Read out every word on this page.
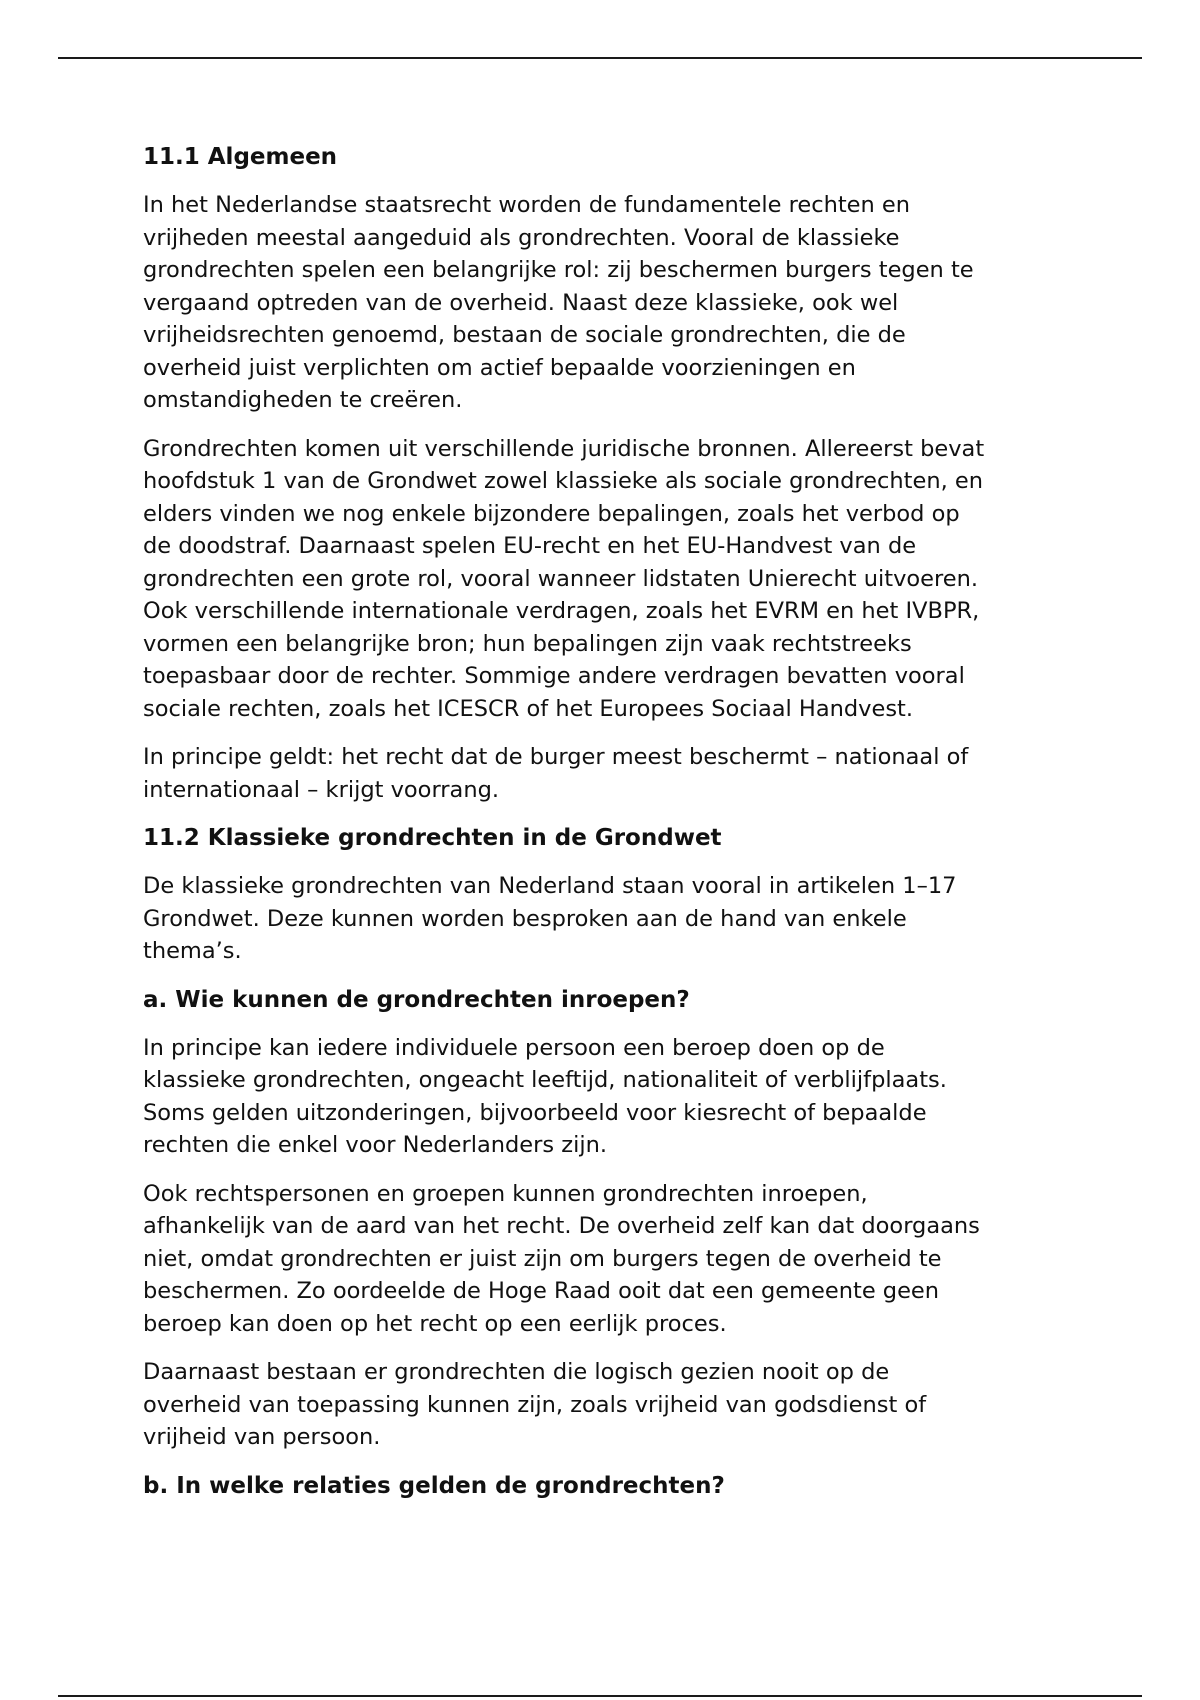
11.1 Algemeen
In het Nederlandse staatsrecht worden de fundamentele rechten en
vrijheden meestal aangeduid als grondrechten. Vooral de klassieke
grondrechten spelen een belangrijke rol: zij beschermen burgers tegen te
vergaand optreden van de overheid. Naast deze klassieke, ook wel
vrijheidsrechten genoemd, bestaan de sociale grondrechten, die de
overheid juist verplichten om actief bepaalde voorzieningen en
omstandigheden te creëren.
Grondrechten komen uit verschillende juridische bronnen. Allereerst bevat
hoofdstuk 1 van de Grondwet zowel klassieke als sociale grondrechten, en
elders vinden we nog enkele bijzondere bepalingen, zoals het verbod op
de doodstraf. Daarnaast spelen EU-recht en het EU-Handvest van de
grondrechten een grote rol, vooral wanneer lidstaten Unierecht uitvoeren.
Ook verschillende internationale verdragen, zoals het EVRM en het IVBPR,
vormen een belangrijke bron; hun bepalingen zijn vaak rechtstreeks
toepasbaar door de rechter. Sommige andere verdragen bevatten vooral
sociale rechten, zoals het ICESCR of het Europees Sociaal Handvest.
In principe geldt: het recht dat de burger meest beschermt – nationaal of
internationaal – krijgt voorrang.
11.2 Klassieke grondrechten in de Grondwet
De klassieke grondrechten van Nederland staan vooral in artikelen 1–17
Grondwet. Deze kunnen worden besproken aan de hand van enkele
thema’s.
a. Wie kunnen de grondrechten inroepen?
In principe kan iedere individuele persoon een beroep doen op de
klassieke grondrechten, ongeacht leeftijd, nationaliteit of verblijfplaats.
Soms gelden uitzonderingen, bijvoorbeeld voor kiesrecht of bepaalde
rechten die enkel voor Nederlanders zijn.
Ook rechtspersonen en groepen kunnen grondrechten inroepen,
afhankelijk van de aard van het recht. De overheid zelf kan dat doorgaans
niet, omdat grondrechten er juist zijn om burgers tegen de overheid te
beschermen. Zo oordeelde de Hoge Raad ooit dat een gemeente geen
beroep kan doen op het recht op een eerlijk proces.
Daarnaast bestaan er grondrechten die logisch gezien nooit op de
overheid van toepassing kunnen zijn, zoals vrijheid van godsdienst of
vrijheid van persoon.
b. In welke relaties gelden de grondrechten?
